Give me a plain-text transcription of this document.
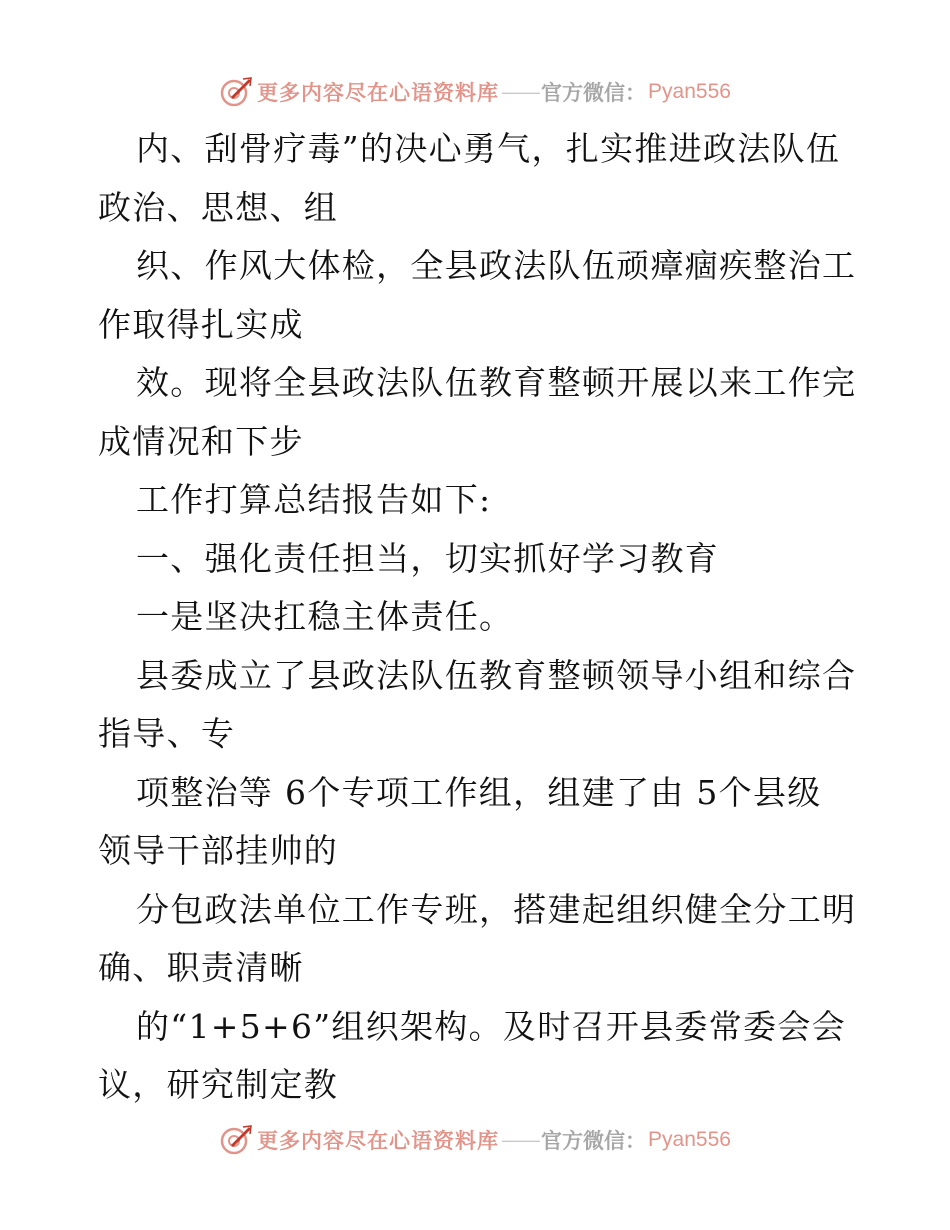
更多内容尽在心语资料库 —— 官方微信： Pyan556
内、刮骨疗毒”的决心勇气，扎实推进政法队伍
政治、思想、组
织、作风大体检，全县政法队伍顽瘴痼疾整治工
作取得扎实成
效。现将全县政法队伍教育整顿开展以来工作完
成情况和下步
工作打算总结报告如下:
一、强化责任担当，切实抓好学习教育
一是坚决扛稳主体责任。
县委成立了县政法队伍教育整顿领导小组和综合
指导、专
项整治等 6个专项工作组，组建了由 5个县级
领导干部挂帅的
分包政法单位工作专班，搭建起组织健全分工明
确、职责清晰
的“1+5+6”组织架构。及时召开县委常委会会
议，研究制定教
更多内容尽在心语资料库 —— 官方微信： Pyan556
